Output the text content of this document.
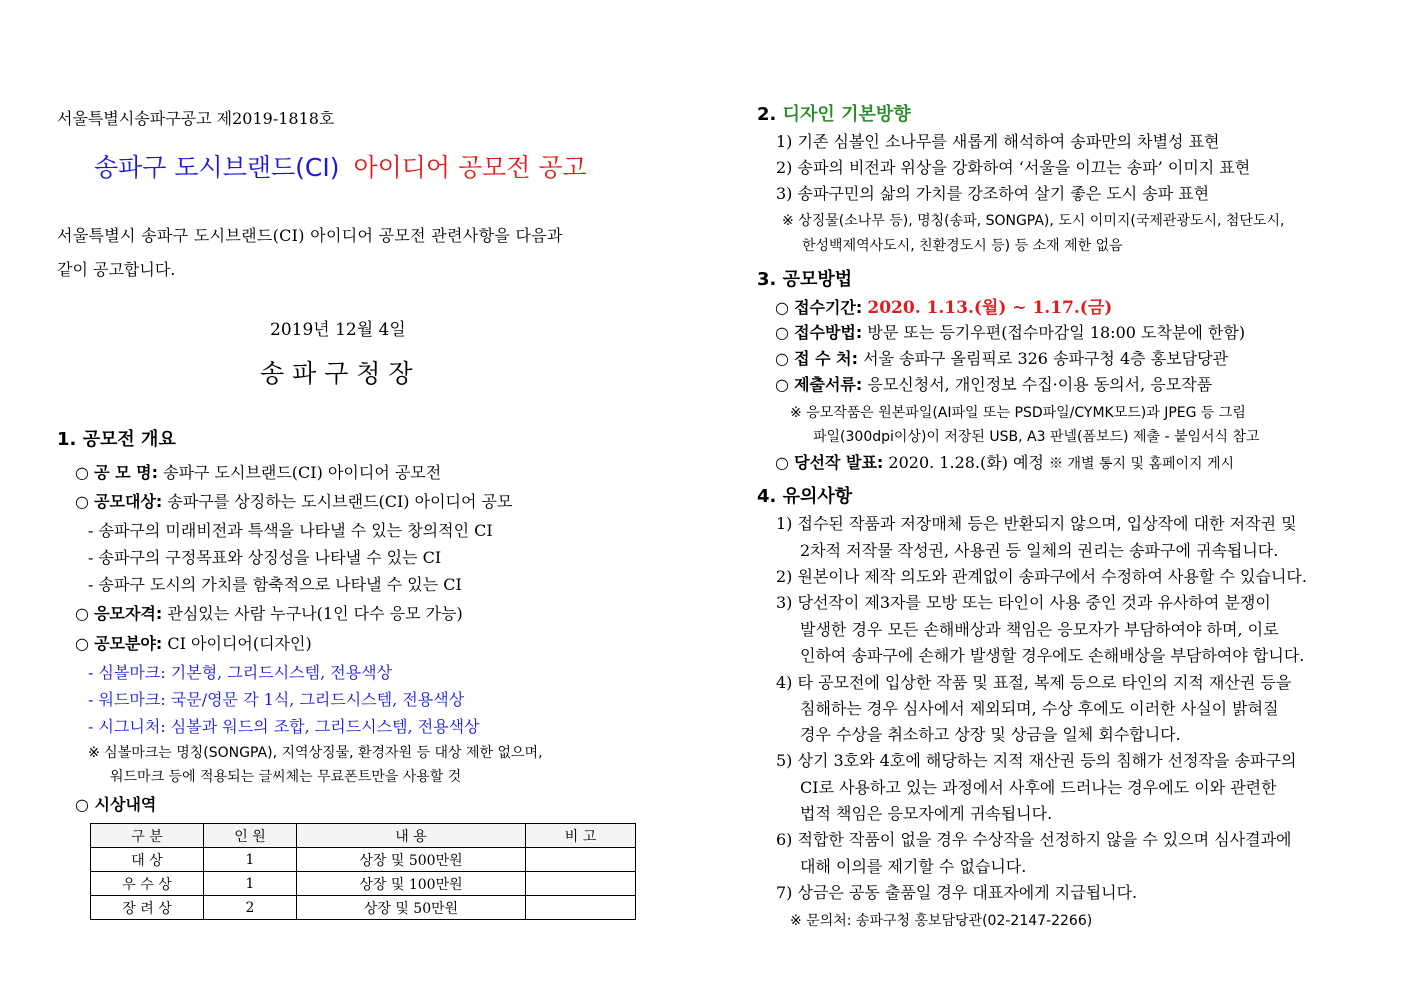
서울특별시송파구공고 제2019-1818호
송파구 도시브랜드(CI) 아이디어 공모전 공고
서울특별시 송파구 도시브랜드(CI) 아이디어 공모전 관련사항을 다음과
같이 공고합니다.
2019년 12월 4일
송 파 구 청 장
1. 공모전 개요
○ 공 모 명: 송파구 도시브랜드(CI) 아이디어 공모전
○ 공모대상: 송파구를 상징하는 도시브랜드(CI) 아이디어 공모
- 송파구의 미래비전과 특색을 나타낼 수 있는 창의적인 CI
- 송파구의 구정목표와 상징성을 나타낼 수 있는 CI
- 송파구 도시의 가치를 함축적으로 나타낼 수 있는 CI
○ 응모자격: 관심있는 사람 누구나(1인 다수 응모 가능)
○ 공모분야: CI 아이디어(디자인)
- 심볼마크: 기본형, 그리드시스템, 전용색상
- 워드마크: 국문/영문 각 1식, 그리드시스템, 전용색상
- 시그니처: 심볼과 워드의 조합, 그리드시스템, 전용색상
※ 심볼마크는 명칭(SONGPA), 지역상징물, 환경자원 등 대상 제한 없으며,
워드마크 등에 적용되는 글씨체는 무료폰트만을 사용할 것
○ 시상내역
구 분	인 원	내 용	비 고
대 상	1	상장 및 500만원	
우 수 상	1	상장 및 100만원	
장 려 상	2	상장 및 50만원	
2. 디자인 기본방향
1) 기존 심볼인 소나무를 새롭게 해석하여 송파만의 차별성 표현
2) 송파의 비전과 위상을 강화하여 ‘서울을 이끄는 송파’ 이미지 표현
3) 송파구민의 삶의 가치를 강조하여 살기 좋은 도시 송파 표현
※ 상징물(소나무 등), 명칭(송파, SONGPA), 도시 이미지(국제관광도시, 첨단도시,
한성백제역사도시, 친환경도시 등) 등 소재 제한 없음
3. 공모방법
○ 접수기간: 2020. 1.13.(월) ~ 1.17.(금)
○ 접수방법: 방문 또는 등기우편(접수마감일 18:00 도착분에 한함)
○ 접 수 처: 서울 송파구 올림픽로 326 송파구청 4층 홍보담당관
○ 제출서류: 응모신청서, 개인정보 수집·이용 동의서, 응모작품
※ 응모작품은 원본파일(AI파일 또는 PSD파일/CYMK모드)과 JPEG 등 그림
파일(300dpi이상)이 저장된 USB, A3 판넬(폼보드) 제출 - 붙임서식 참고
○ 당선작 발표: 2020. 1.28.(화) 예정 ※ 개별 통지 및 홈페이지 게시
4. 유의사항
1) 접수된 작품과 저장매체 등은 반환되지 않으며, 입상작에 대한 저작권 및
2차적 저작물 작성권, 사용권 등 일체의 권리는 송파구에 귀속됩니다.
2) 원본이나 제작 의도와 관계없이 송파구에서 수정하여 사용할 수 있습니다.
3) 당선작이 제3자를 모방 또는 타인이 사용 중인 것과 유사하여 분쟁이
발생한 경우 모든 손해배상과 책임은 응모자가 부담하여야 하며, 이로
인하여 송파구에 손해가 발생할 경우에도 손해배상을 부담하여야 합니다.
4) 타 공모전에 입상한 작품 및 표절, 복제 등으로 타인의 지적 재산권 등을
침해하는 경우 심사에서 제외되며, 수상 후에도 이러한 사실이 밝혀질
경우 수상을 취소하고 상장 및 상금을 일체 회수합니다.
5) 상기 3호와 4호에 해당하는 지적 재산권 등의 침해가 선정작을 송파구의
CI로 사용하고 있는 과정에서 사후에 드러나는 경우에도 이와 관련한
법적 책임은 응모자에게 귀속됩니다.
6) 적합한 작품이 없을 경우 수상작을 선정하지 않을 수 있으며 심사결과에
대해 이의를 제기할 수 없습니다.
7) 상금은 공동 출품일 경우 대표자에게 지급됩니다.
※ 문의처: 송파구청 홍보담당관(02-2147-2266)
